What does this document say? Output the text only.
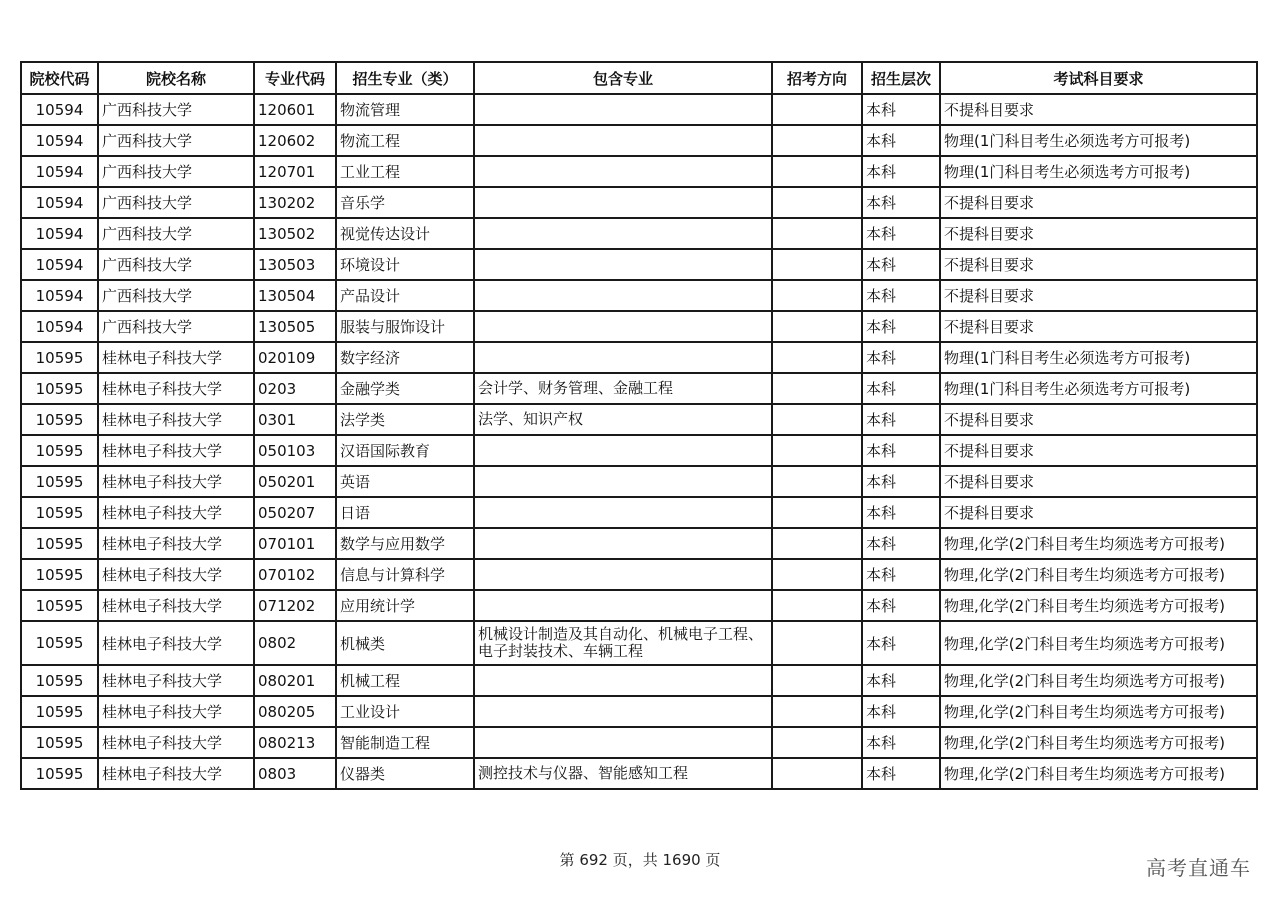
院校代码	院校名称	专业代码	招生专业（类）	包含专业	招考方向	招生层次	考试科目要求
10594	广西科技大学	120601	物流管理			本科	不提科目要求
10594	广西科技大学	120602	物流工程			本科	物理(1门科目考生必须选考方可报考)
10594	广西科技大学	120701	工业工程			本科	物理(1门科目考生必须选考方可报考)
10594	广西科技大学	130202	音乐学			本科	不提科目要求
10594	广西科技大学	130502	视觉传达设计			本科	不提科目要求
10594	广西科技大学	130503	环境设计			本科	不提科目要求
10594	广西科技大学	130504	产品设计			本科	不提科目要求
10594	广西科技大学	130505	服装与服饰设计			本科	不提科目要求
10595	桂林电子科技大学	020109	数字经济			本科	物理(1门科目考生必须选考方可报考)
10595	桂林电子科技大学	0203	金融学类	会计学、财务管理、金融工程		本科	物理(1门科目考生必须选考方可报考)
10595	桂林电子科技大学	0301	法学类	法学、知识产权		本科	不提科目要求
10595	桂林电子科技大学	050103	汉语国际教育			本科	不提科目要求
10595	桂林电子科技大学	050201	英语			本科	不提科目要求
10595	桂林电子科技大学	050207	日语			本科	不提科目要求
10595	桂林电子科技大学	070101	数学与应用数学			本科	物理,化学(2门科目考生均须选考方可报考)
10595	桂林电子科技大学	070102	信息与计算科学			本科	物理,化学(2门科目考生均须选考方可报考)
10595	桂林电子科技大学	071202	应用统计学			本科	物理,化学(2门科目考生均须选考方可报考)
10595	桂林电子科技大学	0802	机械类	机械设计制造及其自动化、机械电子工程、电子封装技术、车辆工程		本科	物理,化学(2门科目考生均须选考方可报考)
10595	桂林电子科技大学	080201	机械工程			本科	物理,化学(2门科目考生均须选考方可报考)
10595	桂林电子科技大学	080205	工业设计			本科	物理,化学(2门科目考生均须选考方可报考)
10595	桂林电子科技大学	080213	智能制造工程			本科	物理,化学(2门科目考生均须选考方可报考)
10595	桂林电子科技大学	0803	仪器类	测控技术与仪器、智能感知工程		本科	物理,化学(2门科目考生均须选考方可报考)
第 692 页，共 1690 页	高考直通车
